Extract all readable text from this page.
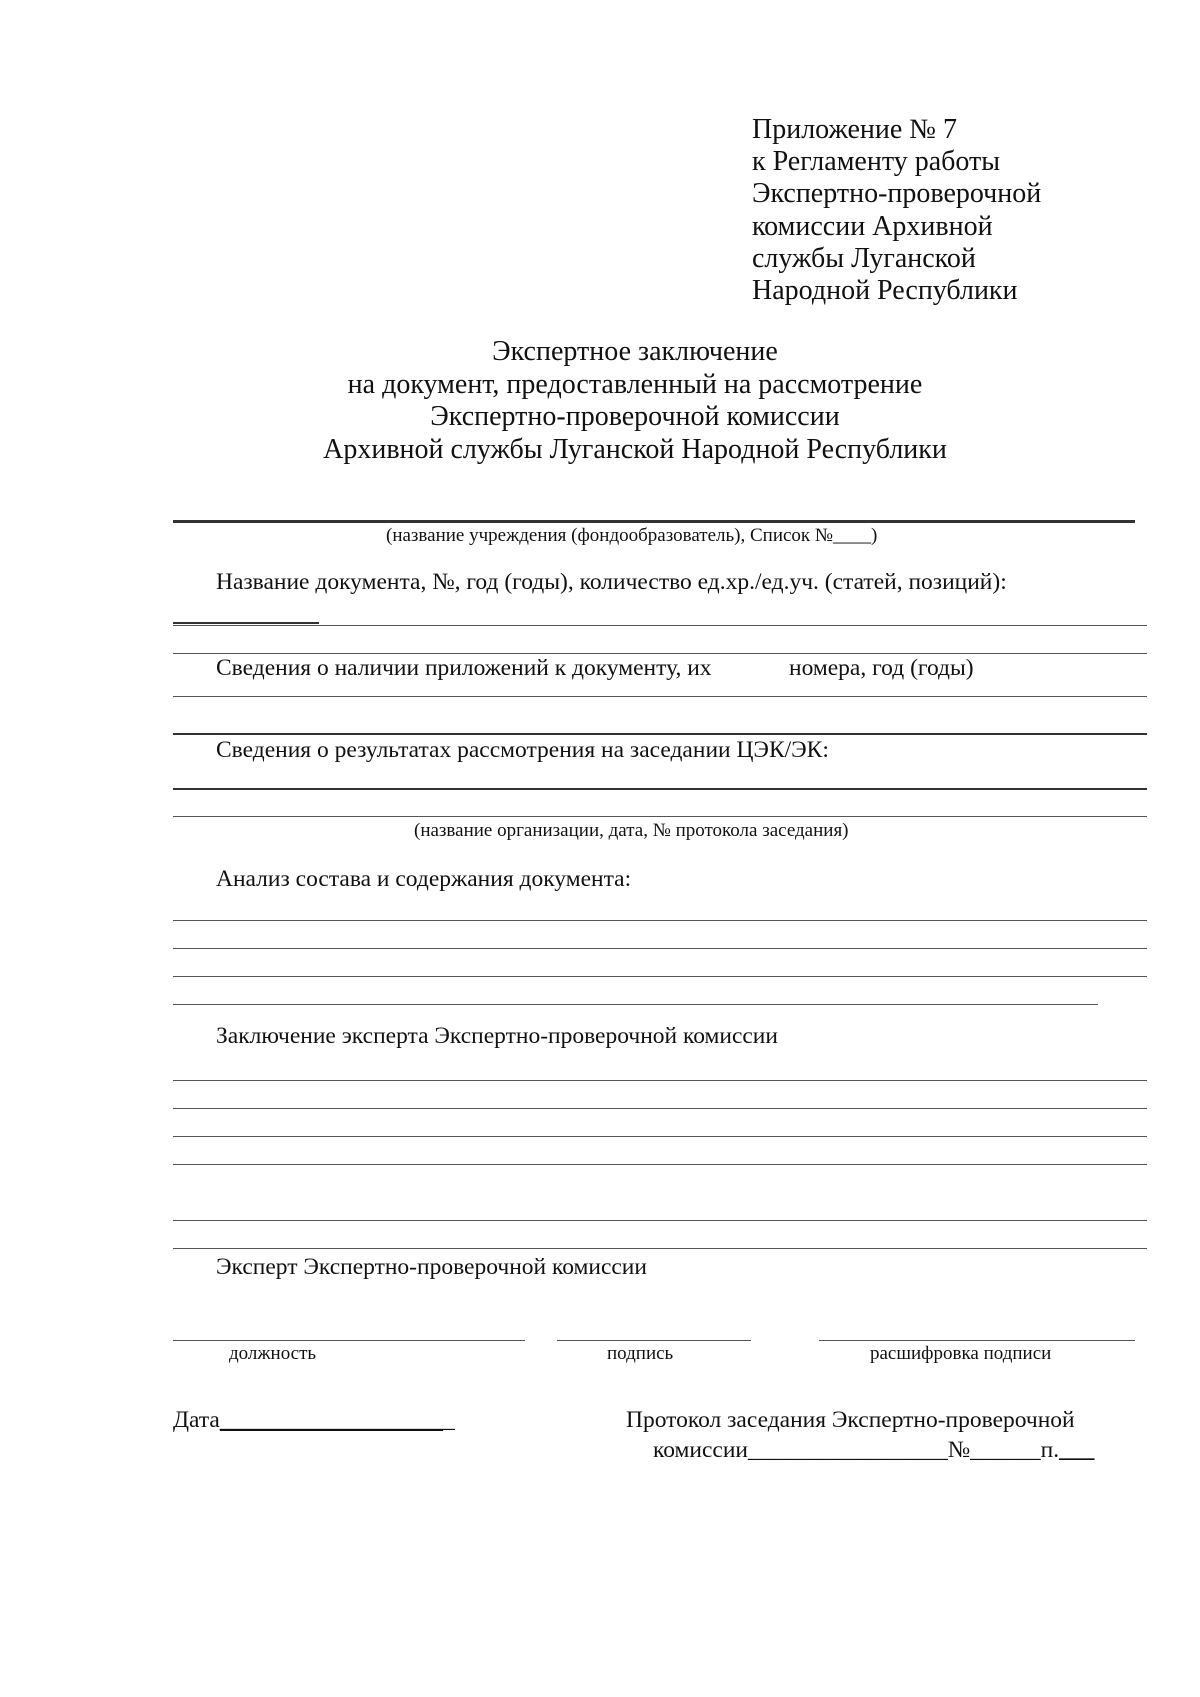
Приложение № 7
к Регламенту работы
Экспертно-проверочной
комиссии Архивной
службы Луганской
Народной Республики
Экспертное заключение
на документ, предоставленный на рассмотрение
Экспертно-проверочной комиссии
Архивной службы Луганской Народной Республики
(название учреждения (фондообразователь), Список №____)
Название документа, №, год (годы), количество ед.хр./ед.уч. (статей, позиций):
Сведения о наличии приложений к документу, их	номера, год (годы)
Сведения о результатах рассмотрения на заседании ЦЭК/ЭК:
(название организации, дата, № протокола заседания)
Анализ состава и содержания документа:
Заключение эксперта Экспертно-проверочной комиссии
Эксперт Экспертно-проверочной комиссии
должность	подпись	расшифровка подписи
Дата____________________	Протокол заседания Экспертно-проверочной
комиссии_________________№______п.___
